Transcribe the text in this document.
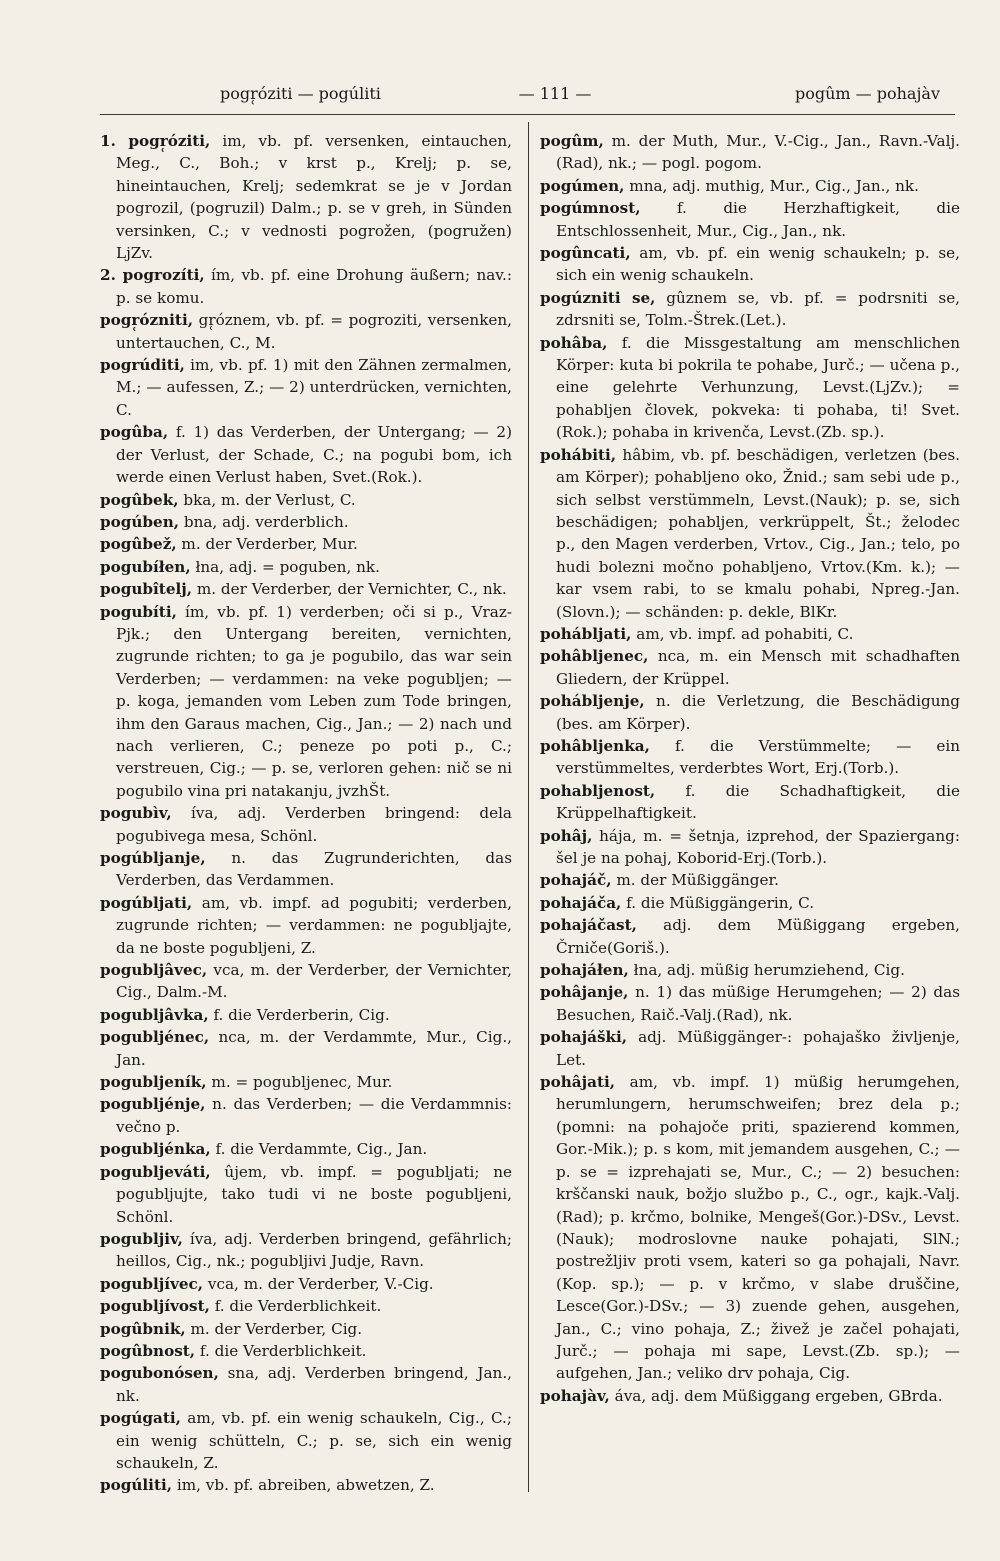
pogr̜óziti — pogúliti	— 111 —	pogûm — pohajàv

1. pogr̜óziti, im, vb. pf. versenken, eintauchen, Meg., C., Boh.; v krst p., Krelj; p. se, hineintauchen, Krelj; sedemkrat se je v Jordan pogrozil, (pogruzil) Dalm.; p. se v greh, in Sünden versinken, C.; v vednosti pogrožen, (pogružen) LjZv.

2. pogrozíti, ím, vb. pf. eine Drohung äußern; nav.: p. se komu.

pogr̜ózniti, gr̜óznem, vb. pf. = pogroziti, versenken, untertauchen, C., M.

pogrúditi, im, vb. pf. 1) mit den Zähnen zermalmen, M.; — aufessen, Z.; — 2) unterdrücken, vernichten, C.

pogûba, f. 1) das Verderben, der Untergang; — 2) der Verlust, der Schade, C.; na pogubi bom, ich werde einen Verlust haben, Svet.(Rok.).

pogûbek, bka, m. der Verlust, C.

pogúben, bna, adj. verderblich.

pogûbež, m. der Verderber, Mur.

pogubíłen, łna, adj. = poguben, nk.

pogubîtelj, m. der Verderber, der Vernichter, C., nk.

pogubíti, ím, vb. pf. 1) verderben; oči si p., Vraz-Pjk.; den Untergang bereiten, vernichten, zugrunde richten; to ga je pogubilo, das war sein Verderben; — verdammen: na veke pogubljen; — p. koga, jemanden vom Leben zum Tode bringen, ihm den Garaus machen, Cig., Jan.; — 2) nach und nach verlieren, C.; peneze po poti p., C.; verstreuen, Cig.; — p. se, verloren gehen: nič se ni pogubilo vina pri natakanju, jvzhŠt.

pogubìv, íva, adj. Verderben bringend: dela pogubivega mesa, Schönl.

pogúbljanje, n. das Zugrunderichten, das Verderben, das Verdammen.

pogúbljati, am, vb. impf. ad pogubiti; verderben, zugrunde richten; — verdammen: ne pogubljajte, da ne boste pogubljeni, Z.

pogubljâvec, vca, m. der Verderber, der Vernichter, Cig., Dalm.-M.

pogubljâvka, f. die Verderberin, Cig.

pogubljénec, nca, m. der Verdammte, Mur., Cig., Jan.

pogubljeník, m. = pogubljenec, Mur.

pogubljénje, n. das Verderben; — die Verdammnis: večno p.

pogubljénka, f. die Verdammte, Cig., Jan.

pogubljeváti, ûjem, vb. impf. = pogubljati; ne pogubljujte, tako tudi vi ne boste pogubljeni, Schönl.

pogubljiv, íva, adj. Verderben bringend, gefährlich; heillos, Cig., nk.; pogubljivi Judje, Ravn.

pogubljívec, vca, m. der Verderber, V.-Cig.

pogubljívost, f. die Verderblichkeit.

pogûbnik, m. der Verderber, Cig.

pogûbnost, f. die Verderblichkeit.

pogubonósen, sna, adj. Verderben bringend, Jan., nk.

pogúgati, am, vb. pf. ein wenig schaukeln, Cig., C.; ein wenig schütteln, C.; p. se, sich ein wenig schaukeln, Z.

pogúliti, im, vb. pf. abreiben, abwetzen, Z.

pogûm, m. der Muth, Mur., V.-Cig., Jan., Ravn.-Valj.(Rad), nk.; — pogl. pogom.

pogúmen, mna, adj. muthig, Mur., Cig., Jan., nk.

pogúmnost, f. die Herzhaftigkeit, die Entschlossenheit, Mur., Cig., Jan., nk.

pogûncati, am, vb. pf. ein wenig schaukeln; p. se, sich ein wenig schaukeln.

pogúzniti se, gûznem se, vb. pf. = podrsniti se, zdrsniti se, Tolm.-Štrek.(Let.).

pohâba, f. die Missgestaltung am menschlichen Körper: kuta bi pokrila te pohabe, Jurč.; — učena p., eine gelehrte Verhunzung, Levst.(LjZv.); = pohabljen človek, pokveka: ti pohaba, ti! Svet.(Rok.); pohaba in krivenča, Levst.(Zb. sp.).

pohábiti, hâbim, vb. pf. beschädigen, verletzen (bes. am Körper); pohabljeno oko, Žnid.; sam sebi ude p., sich selbst verstümmeln, Levst.(Nauk); p. se, sich beschädigen; pohabljen, verkrüppelt, Št.; želodec p., den Magen verderben, Vrtov., Cig., Jan.; telo, po hudi bolezni močno pohabljeno, Vrtov.(Km. k.); — kar vsem rabi, to se kmalu pohabi, Npreg.-Jan.(Slovn.); — schänden: p. dekle, BlKr.

pohábljati, am, vb. impf. ad pohabiti, C.

pohâbljenec, nca, m. ein Mensch mit schadhaften Gliedern, der Krüppel.

pohábljenje, n. die Verletzung, die Beschädigung (bes. am Körper).

pohâbljenka, f. die Verstümmelte; — ein verstümmeltes, verderbtes Wort, Erj.(Torb.).

pohabljenost, f. die Schadhaftigkeit, die Krüppelhaftigkeit.

pohâj, hája, m. = šetnja, izprehod, der Spaziergang: šel je na pohaj, Koborid-Erj.(Torb.).

pohajáč, m. der Müßiggänger.

pohajáča, f. die Müßiggängerin, C.

pohajáčast, adj. dem Müßiggang ergeben, Črniče(Goriš.).

pohajáłen, łna, adj. müßig herumziehend, Cig.

pohâjanje, n. 1) das müßige Herumgehen; — 2) das Besuchen, Raič.-Valj.(Rad), nk.

pohajáški, adj. Müßiggänger-: pohajaško življenje, Let.

pohâjati, am, vb. impf. 1) müßig herumgehen, herumlungern, herumschweifen; brez dela p.; (pomni: na pohajoče priti, spazierend kommen, Gor.-Mik.); p. s kom, mit jemandem ausgehen, C.; — p. se = izprehajati se, Mur., C.; — 2) besuchen: krščanski nauk, božjo službo p., C., ogr., kajk.-Valj.(Rad); p. krčmo, bolnike, Mengeš(Gor.)-DSv., Levst.(Nauk); modroslovne nauke pohajati, SlN.; postrežljiv proti vsem, kateri so ga pohajali, Navr.(Kop. sp.); — p. v krčmo, v slabe druščine, Lesce(Gor.)-DSv.; — 3) zuende gehen, ausgehen, Jan., C.; vino pohaja, Z.; živež je začel pohajati, Jurč.; — pohaja mi sape, Levst.(Zb. sp.); — aufgehen, Jan.; veliko drv pohaja, Cig.

pohajàv, áva, adj. dem Müßiggang ergeben, GBrda.
